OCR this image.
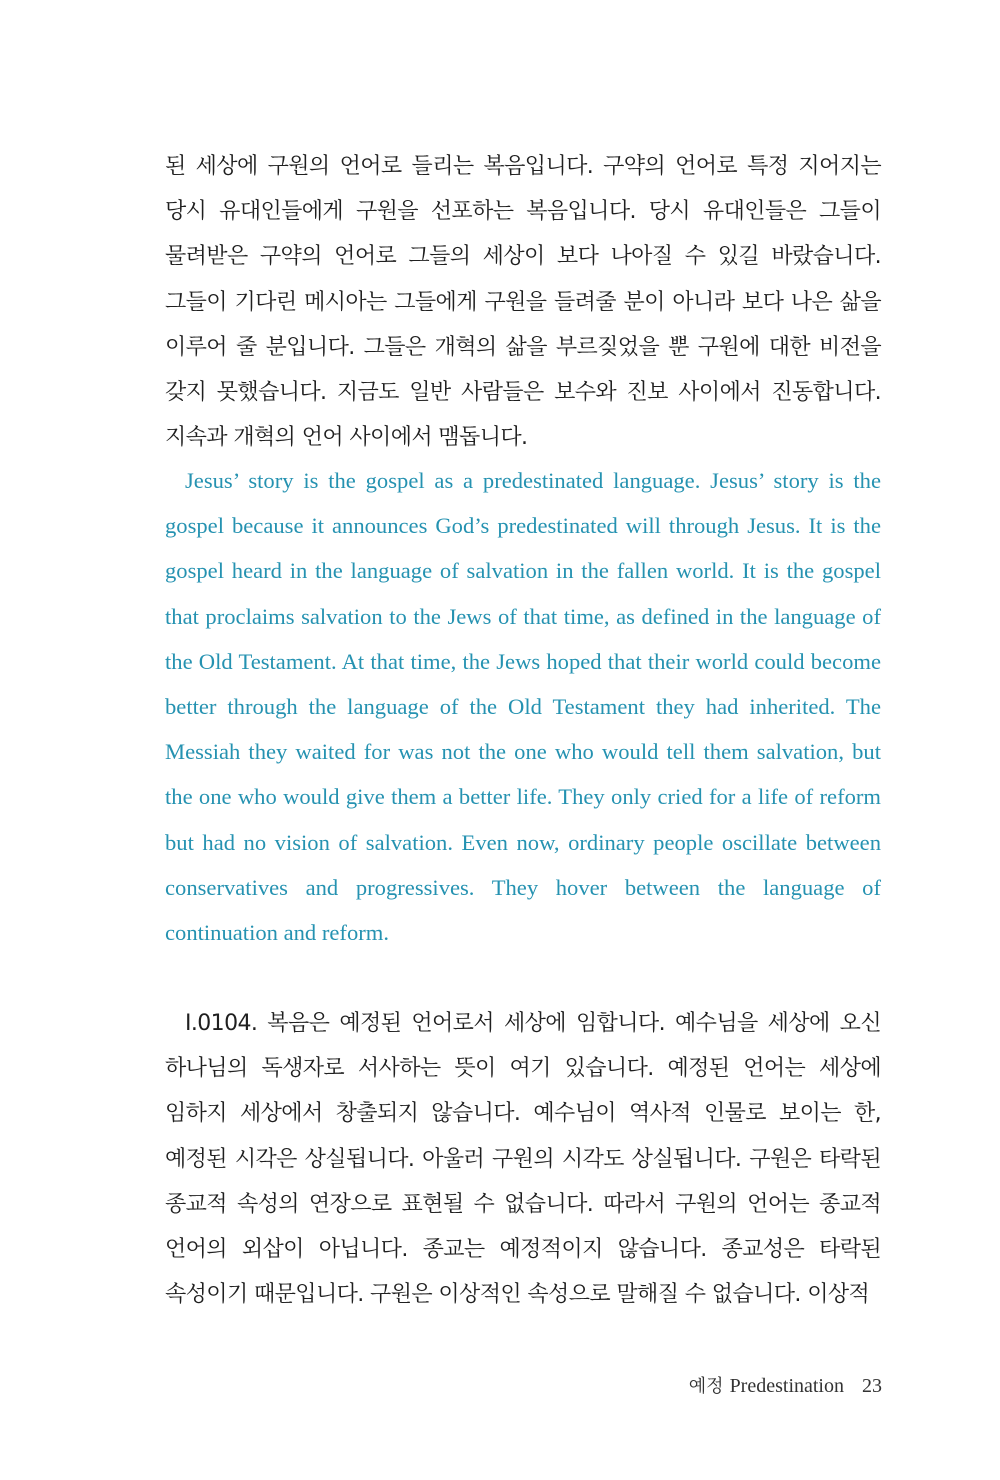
된 세상에 구원의 언어로 들리는 복음입니다. 구약의 언어로 특정 지어지는 당시 유대인들에게 구원을 선포하는 복음입니다. 당시 유대인들은 그들이 물려받은 구약의 언어로 그들의 세상이 보다 나아질 수 있길 바랐습니다. 그들이 기다린 메시아는 그들에게 구원을 들려줄 분이 아니라 보다 나은 삶을 이루어 줄 분입니다. 그들은 개혁의 삶을 부르짖었을 뿐 구원에 대한 비전을 갖지 못했습니다. 지금도 일반 사람들은 보수와 진보 사이에서 진동합니다. 지속과 개혁의 언어 사이에서 맴돕니다.

Jesus’ story is the gospel as a predestinated language. Jesus’ story is the gospel because it announces God’s predestinated will through Jesus. It is the gospel heard in the language of salvation in the fallen world. It is the gospel that proclaims salvation to the Jews of that time, as defined in the language of the Old Testament. At that time, the Jews hoped that their world could become better through the language of the Old Testament they had inherited. The Messiah they waited for was not the one who would tell them salvation, but the one who would give them a better life. They only cried for a life of reform but had no vision of salvation. Even now, ordinary people oscillate between conservatives and progressives. They hover between the language of continuation and reform.

I.0104. 복음은 예정된 언어로서 세상에 임합니다. 예수님을 세상에 오신 하나님의 독생자로 서사하는 뜻이 여기 있습니다. 예정된 언어는 세상에 임하지 세상에서 창출되지 않습니다. 예수님이 역사적 인물로 보이는 한, 예정된 시각은 상실됩니다. 아울러 구원의 시각도 상실됩니다. 구원은 타락된 종교적 속성의 연장으로 표현될 수 없습니다. 따라서 구원의 언어는 종교적 언어의 외삽이 아닙니다. 종교는 예정적이지 않습니다. 종교성은 타락된 속성이기 때문입니다. 구원은 이상적인 속성으로 말해질 수 없습니다. 이상적

예정 Predestination 23
